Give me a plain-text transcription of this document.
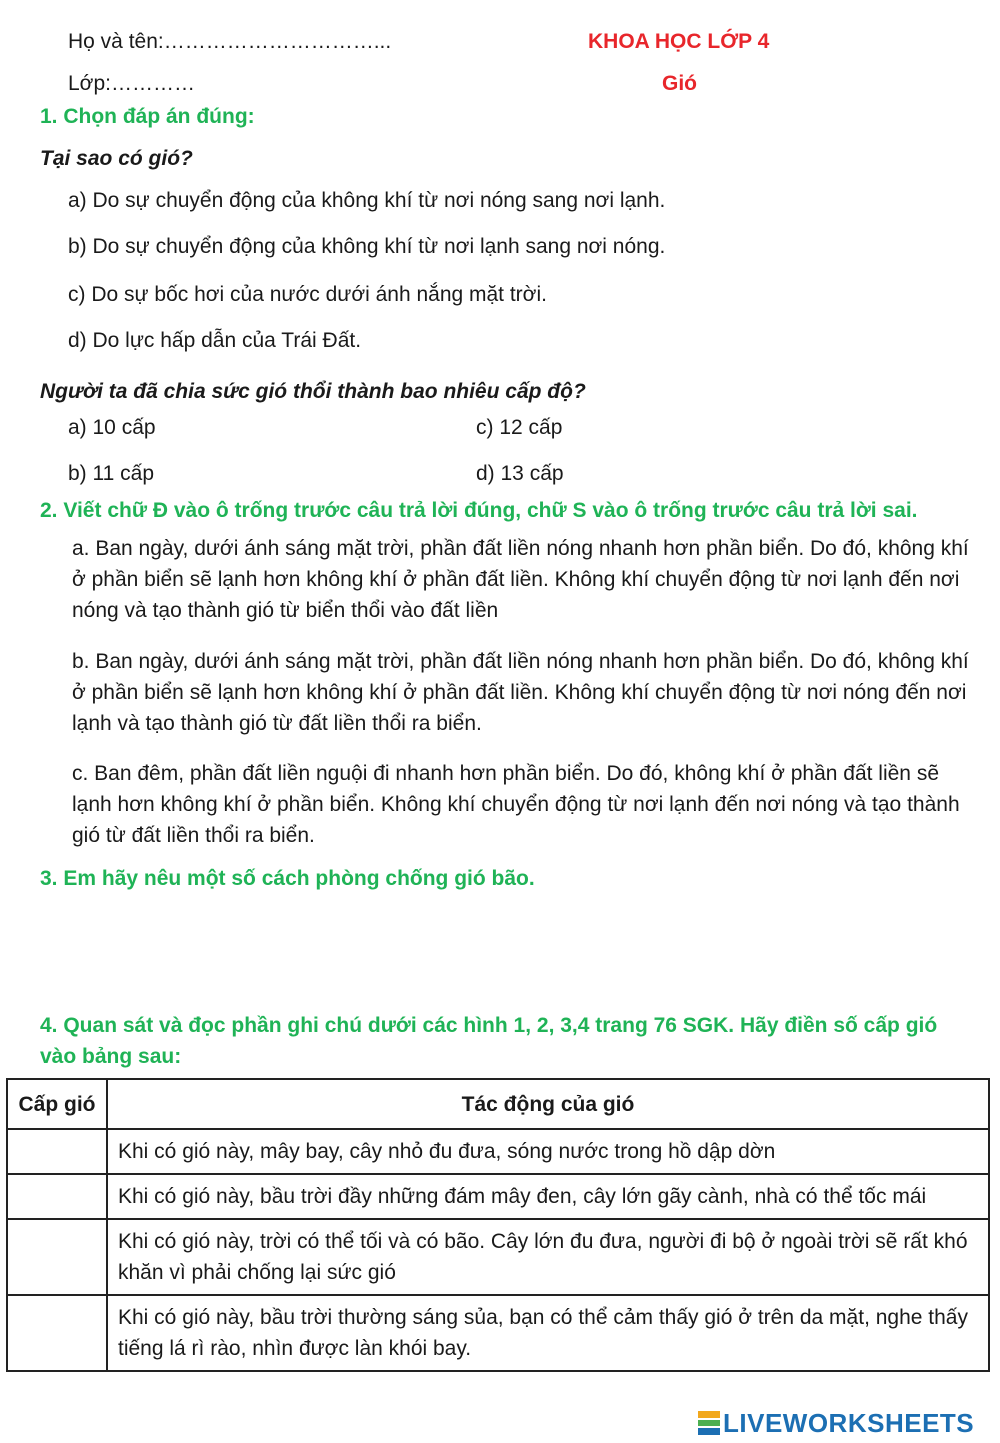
Họ và tên:…………………………...
Lớp:…………
KHOA HỌC LỚP 4
Gió
1. Chọn đáp án đúng:
Tại sao có gió?
a) Do sự chuyển động của không khí từ nơi nóng sang nơi lạnh.
b) Do sự chuyển động của không khí từ nơi lạnh sang nơi nóng.
c) Do sự bốc hơi của nước dưới ánh nắng mặt trời.
d) Do lực hấp dẫn của Trái Đất.
Người ta đã chia sức gió thổi thành bao nhiêu cấp độ?
a) 10 cấp	c) 12 cấp
b) 11 cấp	d) 13 cấp
2. Viết chữ Đ vào ô trống trước câu trả lời đúng, chữ S vào ô trống trước câu trả lời sai.
a. Ban ngày, dưới ánh sáng mặt trời, phần đất liền nóng nhanh hơn phần biển. Do đó, không khí ở phần biển sẽ lạnh hơn không khí ở phần đất liền. Không khí chuyển động từ nơi lạnh đến nơi nóng và tạo thành gió từ biển thổi vào đất liền
b. Ban ngày, dưới ánh sáng mặt trời, phần đất liền nóng nhanh hơn phần biển. Do đó, không khí ở phần biển sẽ lạnh hơn không khí ở phần đất liền. Không khí chuyển động từ nơi nóng đến nơi lạnh và tạo thành gió từ đất liền thổi ra biển.
c. Ban đêm, phần đất liền nguội đi nhanh hơn phần biển. Do đó, không khí ở phần đất liền sẽ lạnh hơn không khí ở phần biển. Không khí chuyển động từ nơi lạnh đến nơi nóng và tạo thành gió từ đất liền thổi ra biển.
3. Em hãy nêu một số cách phòng chống gió bão.
4. Quan sát và đọc phần ghi chú dưới các hình 1, 2, 3,4 trang 76 SGK. Hãy điền số cấp gió vào bảng sau:
Cấp gió	Tác động của gió
	Khi có gió này, mây bay, cây nhỏ đu đưa, sóng nước trong hồ dập dờn
	Khi có gió này, bầu trời đầy những đám mây đen, cây lớn gãy cành, nhà có thể tốc mái
	Khi có gió này, trời có thể tối và có bão. Cây lớn đu đưa, người đi bộ ở ngoài trời sẽ rất khó khăn vì phải chống lại sức gió
	Khi có gió này, bầu trời thường sáng sủa, bạn có thể cảm thấy gió ở trên da mặt, nghe thấy tiếng lá rì rào, nhìn được làn khói bay.
LIVEWORKSHEETS
